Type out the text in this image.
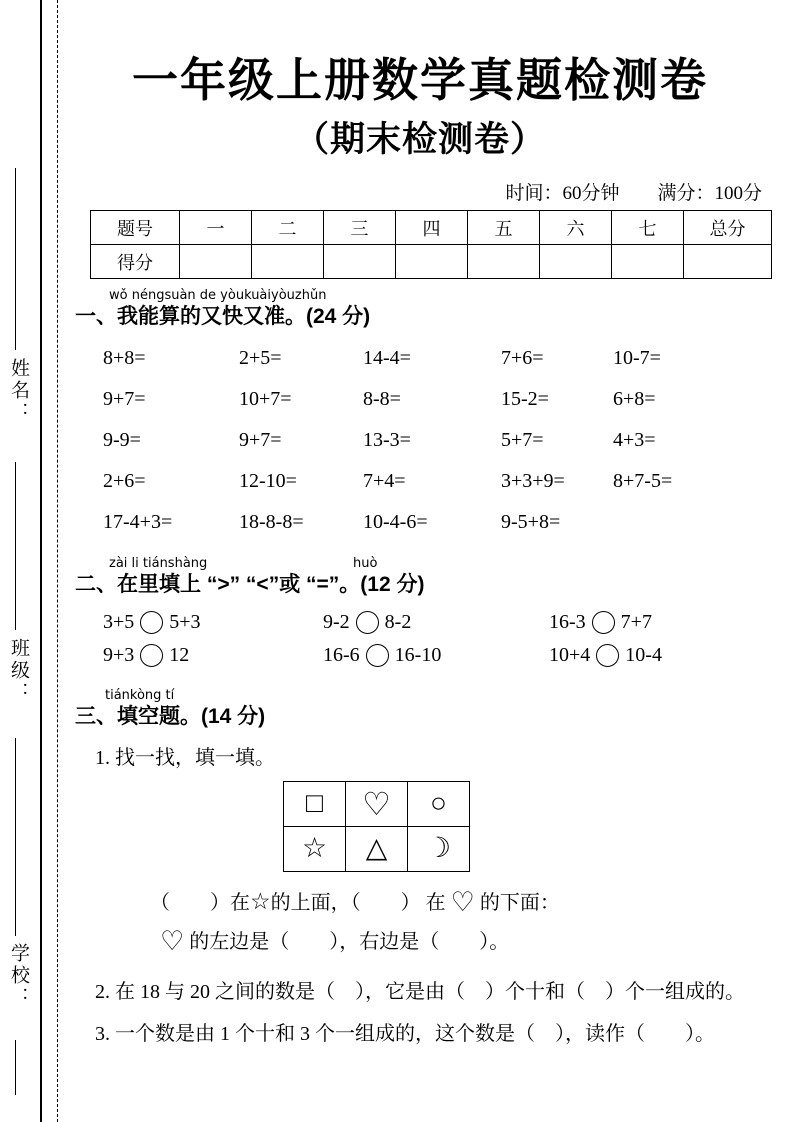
姓名：
班级：
学校：
一年级上册数学真题检测卷
（期末检测卷）
时间：60分钟　　满分：100分
题号	一	二	三	四	五	六	七	总分
得分								
wǒ néngsuàn de yòukuàiyòuzhǔn
一、我能算的又快又准。(24 分)
8+8=	2+5=	14-4=	7+6=	10-7=
9+7=	10+7=	8-8=	15-2=	6+8=
9-9=	9+7=	13-3=	5+7=	4+3=
2+6=	12-10=	7+4=	3+3+9=	8+7-5=
17-4+3=	18-8-8=	10-4-6=	9-5+8=
zài li tiánshàng	huò
二、在里填上 “>” “<”或 “=”。(12 分)
3+5 5+3	9-2 8-2	16-3 7+7
9+3 12	16-6 16-10	10+4 10-4
tiánkòng tí
三、填空题。(14 分)
1. 找一找，填一填。
□	♡	○
☆	△	☽
（　　）在☆的上面，（　　） 在 ♡ 的下面：
♡ 的左边是（　　），右边是（　　）。
2. 在 18 与 20 之间的数是（　），它是由（　）个十和（　）个一组成的。
3. 一个数是由 1 个十和 3 个一组成的，这个数是（　），读作（　　）。
